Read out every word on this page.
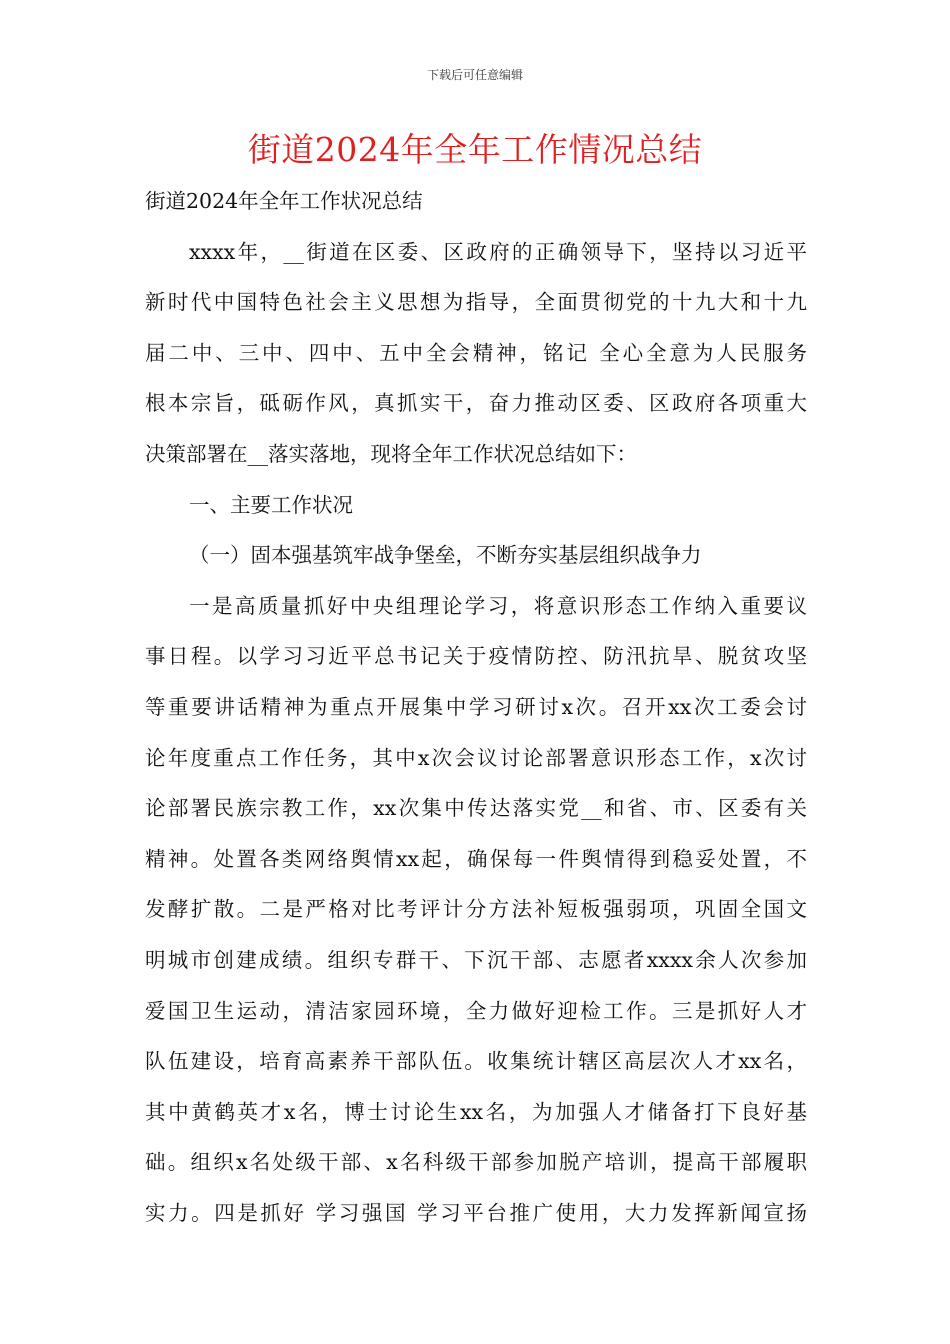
下载后可任意编辑
街道2024年全年工作情况总结
街道2024年全年工作状况总结
xxxx年，__街道在区委、区政府的正确领导下，坚持以习近平
新时代中国特色社会主义思想为指导，全面贯彻党的十九大和十九
届二中、三中、四中、五中全会精神，铭记 全心全意为人民服务
根本宗旨，砥砺作风，真抓实干，奋力推动区委、区政府各项重大
决策部署在__落实落地，现将全年工作状况总结如下：
一、主要工作状况
（一）固本强基筑牢战争堡垒，不断夯实基层组织战争力
一是高质量抓好中央组理论学习，将意识形态工作纳入重要议
事日程。以学习习近平总书记关于疫情防控、防汛抗旱、脱贫攻坚
等重要讲话精神为重点开展集中学习研讨x次。召开xx次工委会讨
论年度重点工作任务，其中x次会议讨论部署意识形态工作，x次讨
论部署民族宗教工作，xx次集中传达落实党__和省、市、区委有关
精神。处置各类网络舆情xx起，确保每一件舆情得到稳妥处置，不
发酵扩散。二是严格对比考评计分方法补短板强弱项，巩固全国文
明城市创建成绩。组织专群干、下沉干部、志愿者xxxx余人次参加
爱国卫生运动，清洁家园环境，全力做好迎检工作。三是抓好人才
队伍建设，培育高素养干部队伍。收集统计辖区高层次人才xx名，
其中黄鹤英才x名，博士讨论生xx名，为加强人才储备打下良好基
础。组织x名处级干部、x名科级干部参加脱产培训，提高干部履职
实力。四是抓好 学习强国 学习平台推广使用，大力发挥新闻宣扬
